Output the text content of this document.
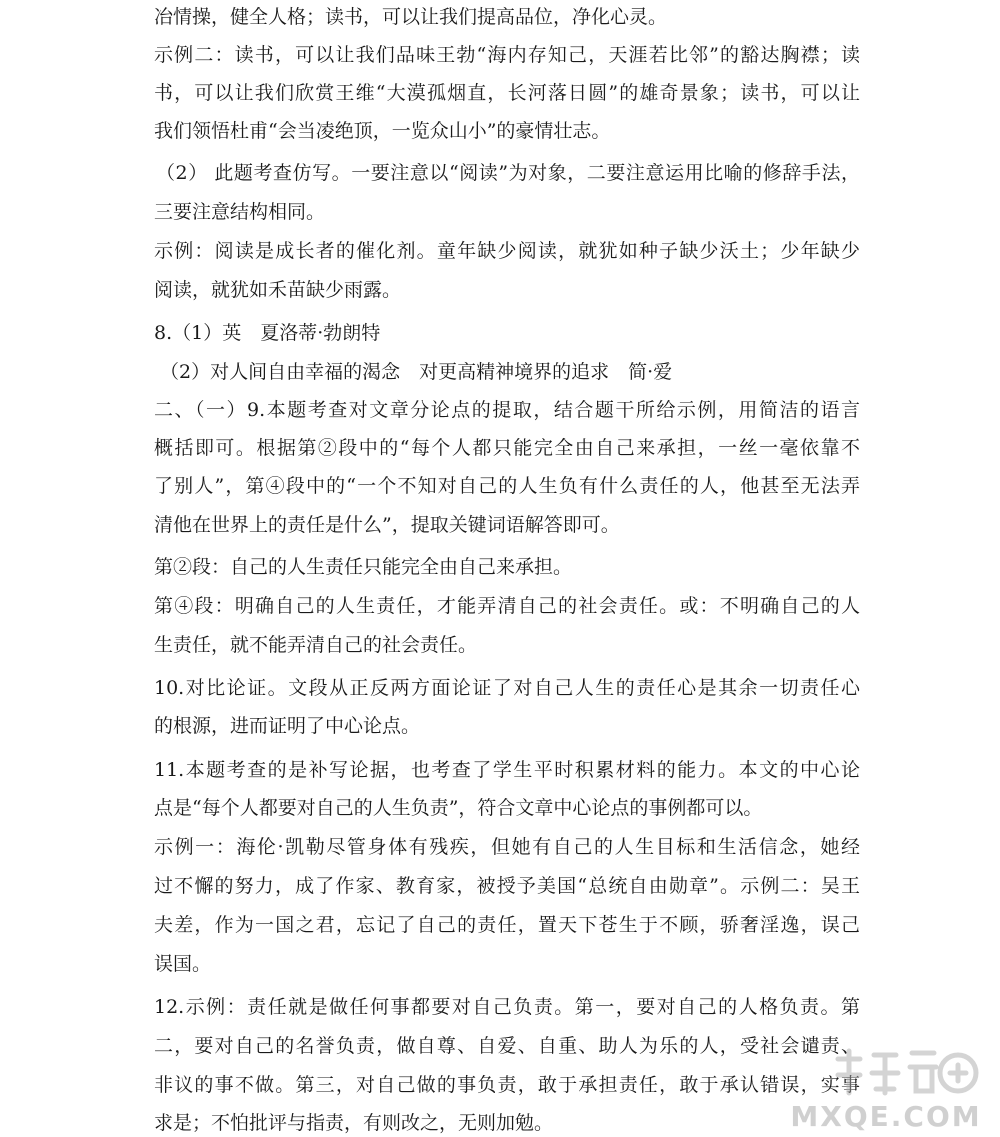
冶情操，健全人格；读书，可以让我们提高品位，净化心灵。
示例二：读书，可以让我们品味王勃“海内存知己，天涯若比邻”的豁达胸襟；读
书，可以让我们欣赏王维“大漠孤烟直，长河落日圆”的雄奇景象；读书，可以让
我们领悟杜甫“会当凌绝顶，一览众山小”的豪情壮志。
（2） 此题考查仿写。一要注意以“阅读”为对象，二要注意运用比喻的修辞手法，
三要注意结构相同。
示例：阅读是成长者的催化剂。童年缺少阅读，就犹如种子缺少沃土；少年缺少
阅读，就犹如禾苗缺少雨露。
8.（1）英　夏洛蒂·勃朗特
（2）对人间自由幸福的渴念　对更高精神境界的追求　简·爱
二、（一）9.本题考查对文章分论点的提取，结合题干所给示例，用简洁的语言
概括即可。根据第②段中的“每个人都只能完全由自己来承担，一丝一毫依靠不
了别人”，第④段中的“一个不知对自己的人生负有什么责任的人，他甚至无法弄
清他在世界上的责任是什么”，提取关键词语解答即可。
第②段：自己的人生责任只能完全由自己来承担。
第④段：明确自己的人生责任，才能弄清自己的社会责任。或：不明确自己的人
生责任，就不能弄清自己的社会责任。
10.对比论证。文段从正反两方面论证了对自己人生的责任心是其余一切责任心
的根源，进而证明了中心论点。
11.本题考查的是补写论据，也考查了学生平时积累材料的能力。本文的中心论
点是“每个人都要对自己的人生负责”，符合文章中心论点的事例都可以。
示例一：海伦·凯勒尽管身体有残疾，但她有自己的人生目标和生活信念，她经
过不懈的努力，成了作家、教育家，被授予美国“总统自由勋章”。示例二：吴王
夫差，作为一国之君，忘记了自己的责任，置天下苍生于不顾，骄奢淫逸，误己
误国。
12.示例：责任就是做任何事都要对自己负责。第一，要对自己的人格负责。第
二，要对自己的名誉负责，做自尊、自爱、自重、助人为乐的人，受社会谴责、
非议的事不做。第三，对自己做的事负责，敢于承担责任，敢于承认错误，实事
求是；不怕批评与指责，有则改之，无则加勉。	MXQE.COM
